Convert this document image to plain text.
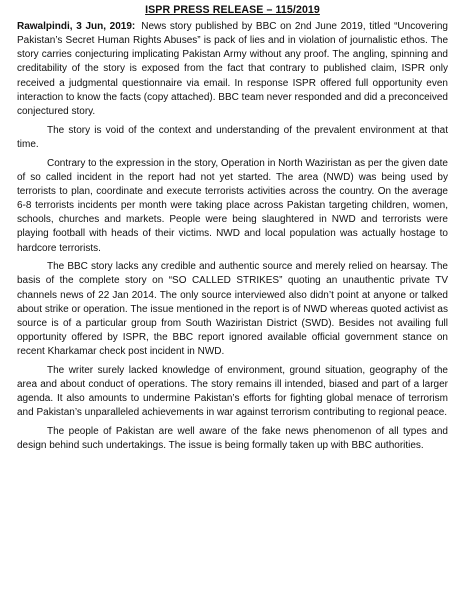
ISPR PRESS RELEASE – 115/2019

Rawalpindi, 3 Jun, 2019: News story published by BBC on 2nd June 2019, titled “Uncovering Pakistan’s Secret Human Rights Abuses” is pack of lies and in violation of journalistic ethos. The story carries conjecturing implicating Pakistan Army without any proof. The angling, spinning and creditability of the story is exposed from the fact that contrary to published claim, ISPR only received a judgmental questionnaire via email. In response ISPR offered full opportunity even interaction to know the facts (copy attached). BBC team never responded and did a preconceived conjectured story.

The story is void of the context and understanding of the prevalent environment at that time.

Contrary to the expression in the story, Operation in North Waziristan as per the given date of so called incident in the report had not yet started. The area (NWD) was being used by terrorists to plan, coordinate and execute terrorists activities across the country. On the average 6-8 terrorists incidents per month were taking place across Pakistan targeting children, women, schools, churches and markets. People were being slaughtered in NWD and terrorists were playing football with heads of their victims. NWD and local population was actually hostage to hardcore terrorists.

The BBC story lacks any credible and authentic source and merely relied on hearsay. The basis of the complete story on “SO CALLED STRIKES” quoting an unauthentic private TV channels news of 22 Jan 2014. The only source interviewed also didn’t point at anyone or talked about strike or operation. The issue mentioned in the report is of NWD whereas quoted activist as source is of a particular group from South Waziristan District (SWD). Besides not availing full opportunity offered by ISPR, the BBC report ignored available official government stance on recent Kharkamar check post incident in NWD.

The writer surely lacked knowledge of environment, ground situation, geography of the area and about conduct of operations. The story remains ill intended, biased and part of a larger agenda. It also amounts to undermine Pakistan’s efforts for fighting global menace of terrorism and Pakistan’s unparalleled achievements in war against terrorism contributing to regional peace.

The people of Pakistan are well aware of the fake news phenomenon of all types and design behind such undertakings. The issue is being formally taken up with BBC authorities.
